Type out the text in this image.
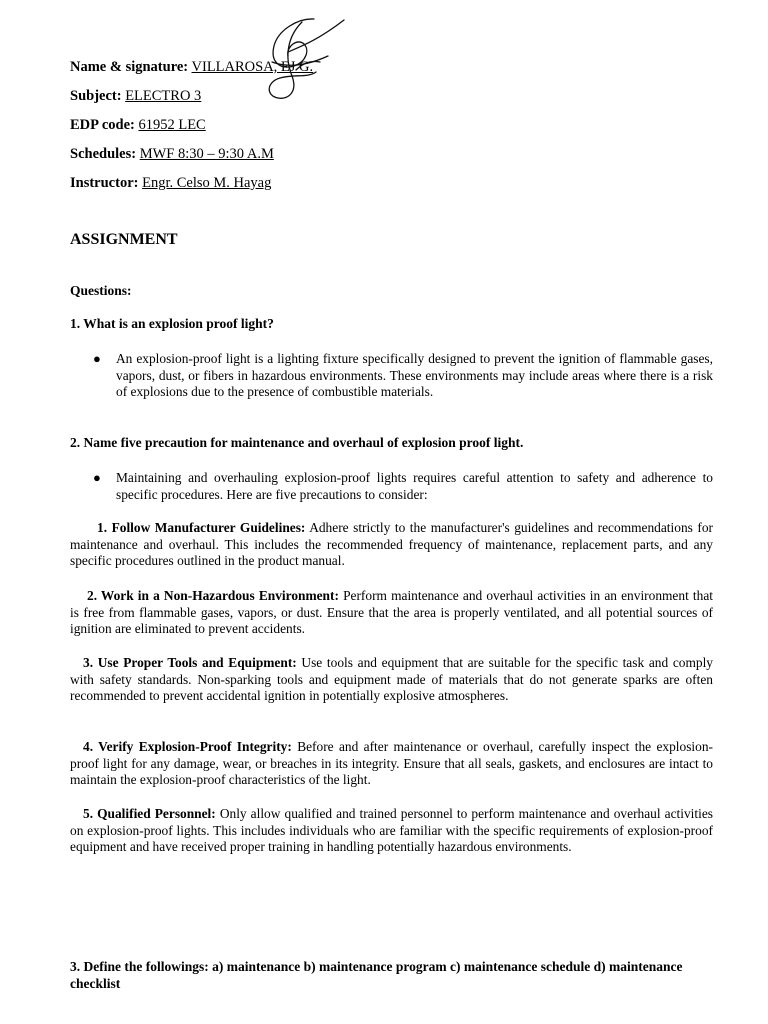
Name & signature: VILLAROSA, EJ G.
Subject: ELECTRO 3
EDP code: 61952 LEC
Schedules: MWF 8:30 – 9:30 A.M
Instructor: Engr. Celso M. Hayag
ASSIGNMENT
Questions:
1. What is an explosion proof light?
● An explosion-proof light is a lighting fixture specifically designed to prevent the ignition of flammable gases, vapors, dust, or fibers in hazardous environments. These environments may include areas where there is a risk of explosions due to the presence of combustible materials.
2. Name five precaution for maintenance and overhaul of explosion proof light.
● Maintaining and overhauling explosion-proof lights requires careful attention to safety and adherence to specific procedures. Here are five precautions to consider:
1. Follow Manufacturer Guidelines: Adhere strictly to the manufacturer's guidelines and recommendations for maintenance and overhaul. This includes the recommended frequency of maintenance, replacement parts, and any specific procedures outlined in the product manual.
2. Work in a Non-Hazardous Environment: Perform maintenance and overhaul activities in an environment that is free from flammable gases, vapors, or dust. Ensure that the area is properly ventilated, and all potential sources of ignition are eliminated to prevent accidents.
3. Use Proper Tools and Equipment: Use tools and equipment that are suitable for the specific task and comply with safety standards. Non-sparking tools and equipment made of materials that do not generate sparks are often recommended to prevent accidental ignition in potentially explosive atmospheres.
4. Verify Explosion-Proof Integrity: Before and after maintenance or overhaul, carefully inspect the explosion-proof light for any damage, wear, or breaches in its integrity. Ensure that all seals, gaskets, and enclosures are intact to maintain the explosion-proof characteristics of the light.
5. Qualified Personnel: Only allow qualified and trained personnel to perform maintenance and overhaul activities on explosion-proof lights. This includes individuals who are familiar with the specific requirements of explosion-proof equipment and have received proper training in handling potentially hazardous environments.
3. Define the followings: a) maintenance b) maintenance program c) maintenance schedule d) maintenance checklist
